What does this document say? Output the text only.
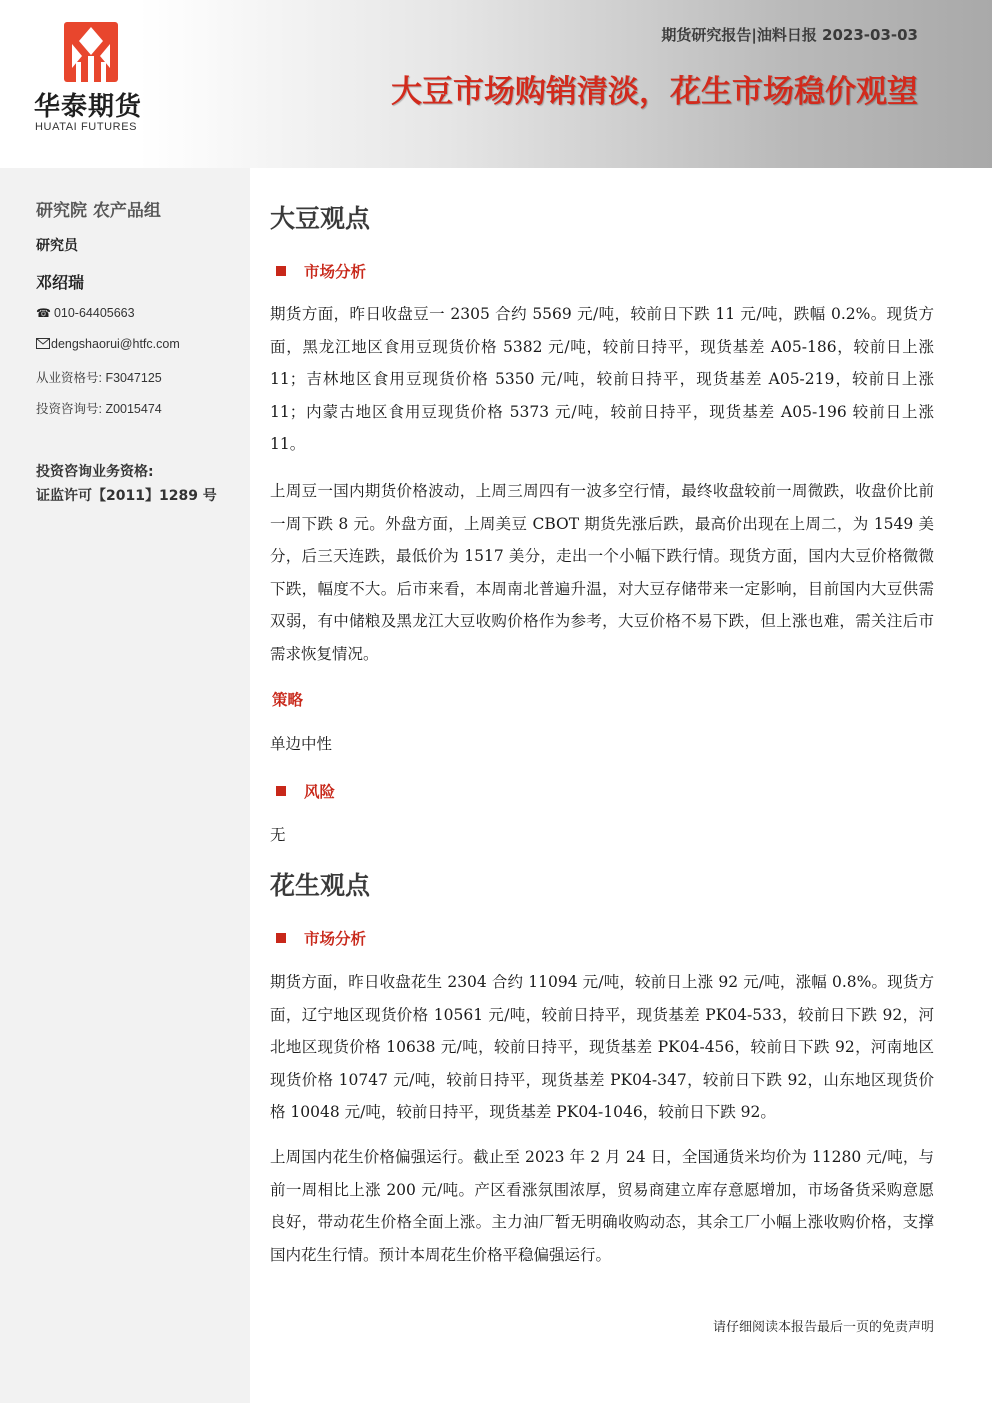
华泰期货
HUATAI FUTURES
期货研究报告|油料日报 2023-03-03
大豆市场购销清淡，花生市场稳价观望
研究院 农产品组
研究员
邓绍瑞
☎ 010-64405663
dengshaorui@htfc.com
从业资格号: F3047125
投资咨询号: Z0015474
投资咨询业务资格:
证监许可【2011】1289 号
大豆观点
市场分析
期货方面，昨日收盘豆一 2305 合约 5569 元/吨，较前日下跌 11 元/吨，跌幅 0.2%。现货方面，黑龙江地区食用豆现货价格 5382 元/吨，较前日持平，现货基差 A05-186，较前日上涨 11；吉林地区食用豆现货价格 5350 元/吨，较前日持平，现货基差 A05-219，较前日上涨 11；内蒙古地区食用豆现货价格 5373 元/吨，较前日持平，现货基差 A05-196 较前日上涨 11。
上周豆一国内期货价格波动，上周三周四有一波多空行情，最终收盘较前一周微跌，收盘价比前一周下跌 8 元。外盘方面，上周美豆 CBOT 期货先涨后跌，最高价出现在上周二，为 1549 美分，后三天连跌，最低价为 1517 美分，走出一个小幅下跌行情。现货方面，国内大豆价格微微下跌，幅度不大。后市来看，本周南北普遍升温，对大豆存储带来一定影响，目前国内大豆供需双弱，有中储粮及黑龙江大豆收购价格作为参考，大豆价格不易下跌，但上涨也难，需关注后市需求恢复情况。
策略
单边中性
风险
无
花生观点
市场分析
期货方面，昨日收盘花生 2304 合约 11094 元/吨，较前日上涨 92 元/吨，涨幅 0.8%。现货方面，辽宁地区现货价格 10561 元/吨，较前日持平，现货基差 PK04-533，较前日下跌 92，河北地区现货价格 10638 元/吨，较前日持平，现货基差 PK04-456，较前日下跌 92，河南地区现货价格 10747 元/吨，较前日持平，现货基差 PK04-347，较前日下跌 92，山东地区现货价格 10048 元/吨，较前日持平，现货基差 PK04-1046，较前日下跌 92。
上周国内花生价格偏强运行。截止至 2023 年 2 月 24 日，全国通货米均价为 11280 元/吨，与前一周相比上涨 200 元/吨。产区看涨氛围浓厚，贸易商建立库存意愿增加，市场备货采购意愿良好，带动花生价格全面上涨。主力油厂暂无明确收购动态，其余工厂小幅上涨收购价格，支撑国内花生行情。预计本周花生价格平稳偏强运行。
请仔细阅读本报告最后一页的免责声明
